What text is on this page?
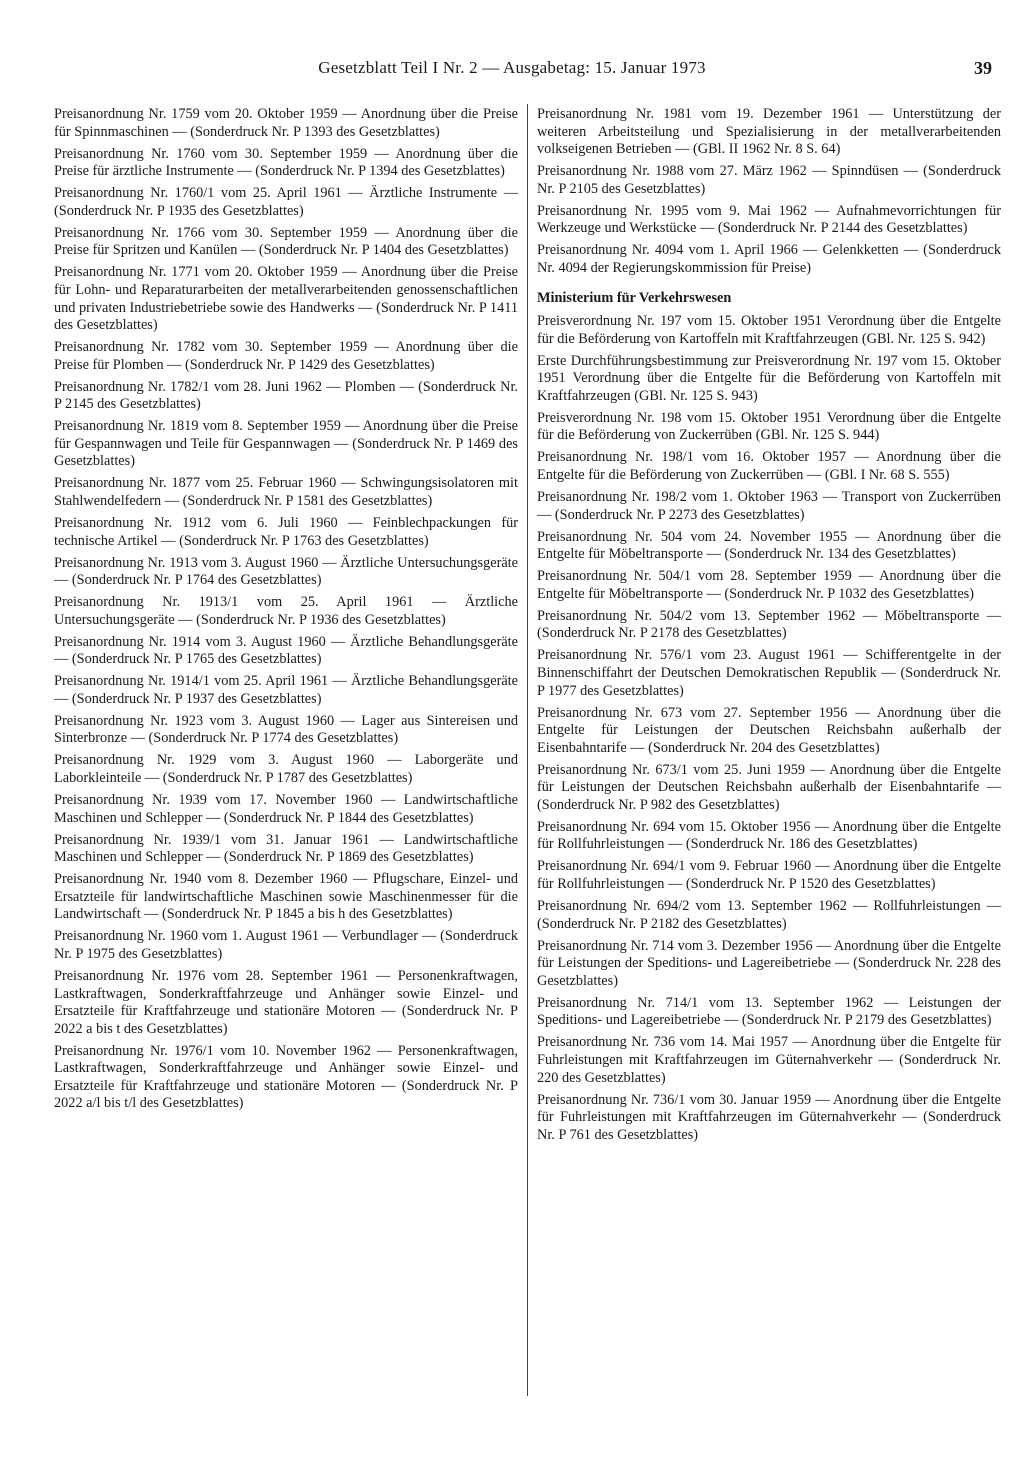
Gesetzblatt Teil I Nr. 2 — Ausgabetag: 15. Januar 1973	39
Preisanordnung Nr. 1759 vom 20. Oktober 1959 — Anordnung über die Preise für Spinnmaschinen — (Sonderdruck Nr. P 1393 des Gesetzblattes)
Preisanordnung Nr. 1760 vom 30. September 1959 — Anordnung über die Preise für ärztliche Instrumente — (Sonderdruck Nr. P 1394 des Gesetzblattes)
Preisanordnung Nr. 1760/1 vom 25. April 1961 — Ärztliche Instrumente — (Sonderdruck Nr. P 1935 des Gesetzblattes)
Preisanordnung Nr. 1766 vom 30. September 1959 — Anordnung über die Preise für Spritzen und Kanülen — (Sonderdruck Nr. P 1404 des Gesetzblattes)
Preisanordnung Nr. 1771 vom 20. Oktober 1959 — Anordnung über die Preise für Lohn- und Reparaturarbeiten der metallverarbeitenden genossenschaftlichen und privaten Industriebetriebe sowie des Handwerks — (Sonderdruck Nr. P 1411 des Gesetzblattes)
Preisanordnung Nr. 1782 vom 30. September 1959 — Anordnung über die Preise für Plomben — (Sonderdruck Nr. P 1429 des Gesetzblattes)
Preisanordnung Nr. 1782/1 vom 28. Juni 1962 — Plomben — (Sonderdruck Nr. P 2145 des Gesetzblattes)
Preisanordnung Nr. 1819 vom 8. September 1959 — Anordnung über die Preise für Gespannwagen und Teile für Gespannwagen — (Sonderdruck Nr. P 1469 des Gesetzblattes)
Preisanordnung Nr. 1877 vom 25. Februar 1960 — Schwingungsisolatoren mit Stahlwendelfedern — (Sonderdruck Nr. P 1581 des Gesetzblattes)
Preisanordnung Nr. 1912 vom 6. Juli 1960 — Feinblechpackungen für technische Artikel — (Sonderdruck Nr. P 1763 des Gesetzblattes)
Preisanordnung Nr. 1913 vom 3. August 1960 — Ärztliche Untersuchungsgeräte — (Sonderdruck Nr. P 1764 des Gesetzblattes)
Preisanordnung Nr. 1913/1 vom 25. April 1961 — Ärztliche Untersuchungsgeräte — (Sonderdruck Nr. P 1936 des Gesetzblattes)
Preisanordnung Nr. 1914 vom 3. August 1960 — Ärztliche Behandlungsgeräte — (Sonderdruck Nr. P 1765 des Gesetzblattes)
Preisanordnung Nr. 1914/1 vom 25. April 1961 — Ärztliche Behandlungsgeräte — (Sonderdruck Nr. P 1937 des Gesetzblattes)
Preisanordnung Nr. 1923 vom 3. August 1960 — Lager aus Sintereisen und Sinterbronze — (Sonderdruck Nr. P 1774 des Gesetzblattes)
Preisanordnung Nr. 1929 vom 3. August 1960 — Laborgeräte und Laborkleinteile — (Sonderdruck Nr. P 1787 des Gesetzblattes)
Preisanordnung Nr. 1939 vom 17. November 1960 — Landwirtschaftliche Maschinen und Schlepper — (Sonderdruck Nr. P 1844 des Gesetzblattes)
Preisanordnung Nr. 1939/1 vom 31. Januar 1961 — Landwirtschaftliche Maschinen und Schlepper — (Sonderdruck Nr. P 1869 des Gesetzblattes)
Preisanordnung Nr. 1940 vom 8. Dezember 1960 — Pflugschare, Einzel- und Ersatzteile für landwirtschaftliche Maschinen sowie Maschinenmesser für die Landwirtschaft — (Sonderdruck Nr. P 1845 a bis h des Gesetzblattes)
Preisanordnung Nr. 1960 vom 1. August 1961 — Verbundlager — (Sonderdruck Nr. P 1975 des Gesetzblattes)
Preisanordnung Nr. 1976 vom 28. September 1961 — Personenkraftwagen, Lastkraftwagen, Sonderkraftfahrzeuge und Anhänger sowie Einzel- und Ersatzteile für Kraftfahrzeuge und stationäre Motoren — (Sonderdruck Nr. P 2022 a bis t des Gesetzblattes)
Preisanordnung Nr. 1976/1 vom 10. November 1962 — Personenkraftwagen, Lastkraftwagen, Sonderkraftfahrzeuge und Anhänger sowie Einzel- und Ersatzteile für Kraftfahrzeuge und stationäre Motoren — (Sonderdruck Nr. P 2022 a/l bis t/l des Gesetzblattes)
Preisanordnung Nr. 1981 vom 19. Dezember 1961 — Unterstützung der weiteren Arbeitsteilung und Spezialisierung in der metallverarbeitenden volkseigenen Betrieben — (GBl. II 1962 Nr. 8 S. 64)
Preisanordnung Nr. 1988 vom 27. März 1962 — Spinndüsen — (Sonderdruck Nr. P 2105 des Gesetzblattes)
Preisanordnung Nr. 1995 vom 9. Mai 1962 — Aufnahmevorrichtungen für Werkzeuge und Werkstücke — (Sonderdruck Nr. P 2144 des Gesetzblattes)
Preisanordnung Nr. 4094 vom 1. April 1966 — Gelenkketten — (Sonderdruck Nr. 4094 der Regierungskommission für Preise)
Ministerium für Verkehrswesen
Preisverordnung Nr. 197 vom 15. Oktober 1951 Verordnung über die Entgelte für die Beförderung von Kartoffeln mit Kraftfahrzeugen (GBl. Nr. 125 S. 942)
Erste Durchführungsbestimmung zur Preisverordnung Nr. 197 vom 15. Oktober 1951 Verordnung über die Entgelte für die Beförderung von Kartoffeln mit Kraftfahrzeugen (GBl. Nr. 125 S. 943)
Preisverordnung Nr. 198 vom 15. Oktober 1951 Verordnung über die Entgelte für die Beförderung von Zuckerrüben (GBl. Nr. 125 S. 944)
Preisanordnung Nr. 198/1 vom 16. Oktober 1957 — Anordnung über die Entgelte für die Beförderung von Zuckerrüben — (GBl. I Nr. 68 S. 555)
Preisanordnung Nr. 198/2 vom 1. Oktober 1963 — Transport von Zuckerrüben — (Sonderdruck Nr. P 2273 des Gesetzblattes)
Preisanordnung Nr. 504 vom 24. November 1955 — Anordnung über die Entgelte für Möbeltransporte — (Sonderdruck Nr. 134 des Gesetzblattes)
Preisanordnung Nr. 504/1 vom 28. September 1959 — Anordnung über die Entgelte für Möbeltransporte — (Sonderdruck Nr. P 1032 des Gesetzblattes)
Preisanordnung Nr. 504/2 vom 13. September 1962 — Möbeltransporte — (Sonderdruck Nr. P 2178 des Gesetzblattes)
Preisanordnung Nr. 576/1 vom 23. August 1961 — Schifferentgelte in der Binnenschiffahrt der Deutschen Demokratischen Republik — (Sonderdruck Nr. P 1977 des Gesetzblattes)
Preisanordnung Nr. 673 vom 27. September 1956 — Anordnung über die Entgelte für Leistungen der Deutschen Reichsbahn außerhalb der Eisenbahntarife — (Sonderdruck Nr. 204 des Gesetzblattes)
Preisanordnung Nr. 673/1 vom 25. Juni 1959 — Anordnung über die Entgelte für Leistungen der Deutschen Reichsbahn außerhalb der Eisenbahntarife — (Sonderdruck Nr. P 982 des Gesetzblattes)
Preisanordnung Nr. 694 vom 15. Oktober 1956 — Anordnung über die Entgelte für Rollfuhrleistungen — (Sonderdruck Nr. 186 des Gesetzblattes)
Preisanordnung Nr. 694/1 vom 9. Februar 1960 — Anordnung über die Entgelte für Rollfuhrleistungen — (Sonderdruck Nr. P 1520 des Gesetzblattes)
Preisanordnung Nr. 694/2 vom 13. September 1962 — Rollfuhrleistungen — (Sonderdruck Nr. P 2182 des Gesetzblattes)
Preisanordnung Nr. 714 vom 3. Dezember 1956 — Anordnung über die Entgelte für Leistungen der Speditions- und Lagereibetriebe — (Sonderdruck Nr. 228 des Gesetzblattes)
Preisanordnung Nr. 714/1 vom 13. September 1962 — Leistungen der Speditions- und Lagereibetriebe — (Sonderdruck Nr. P 2179 des Gesetzblattes)
Preisanordnung Nr. 736 vom 14. Mai 1957 — Anordnung über die Entgelte für Fuhrleistungen mit Kraftfahrzeugen im Güternahverkehr — (Sonderdruck Nr. 220 des Gesetzblattes)
Preisanordnung Nr. 736/1 vom 30. Januar 1959 — Anordnung über die Entgelte für Fuhrleistungen mit Kraftfahrzeugen im Güternahverkehr — (Sonderdruck Nr. P 761 des Gesetzblattes)
